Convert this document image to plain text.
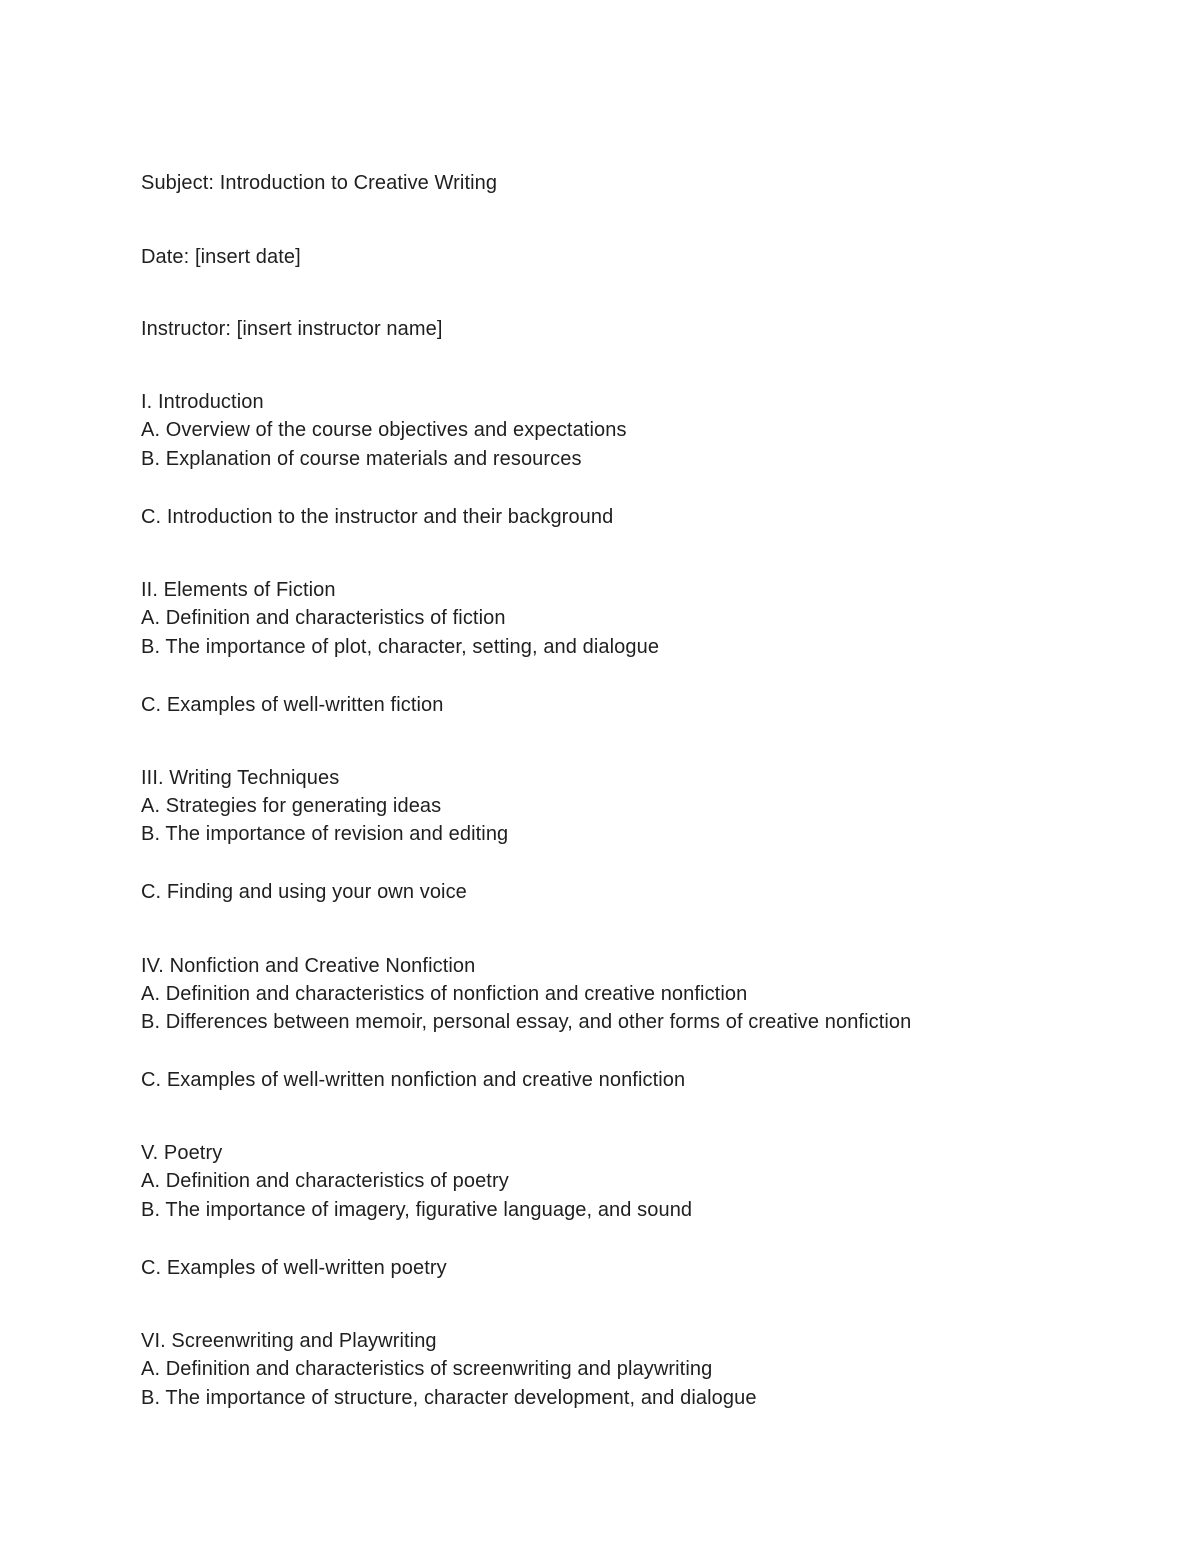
Subject: Introduction to Creative Writing
Date: [insert date]
Instructor: [insert instructor name]
I. Introduction
A. Overview of the course objectives and expectations
B. Explanation of course materials and resources
C. Introduction to the instructor and their background
II. Elements of Fiction
A. Definition and characteristics of fiction
B. The importance of plot, character, setting, and dialogue
C. Examples of well-written fiction
III. Writing Techniques
A. Strategies for generating ideas
B. The importance of revision and editing
C. Finding and using your own voice
IV. Nonfiction and Creative Nonfiction
A. Definition and characteristics of nonfiction and creative nonfiction
B. Differences between memoir, personal essay, and other forms of creative nonfiction
C. Examples of well-written nonfiction and creative nonfiction
V. Poetry
A. Definition and characteristics of poetry
B. The importance of imagery, figurative language, and sound
C. Examples of well-written poetry
VI. Screenwriting and Playwriting
A. Definition and characteristics of screenwriting and playwriting
B. The importance of structure, character development, and dialogue
